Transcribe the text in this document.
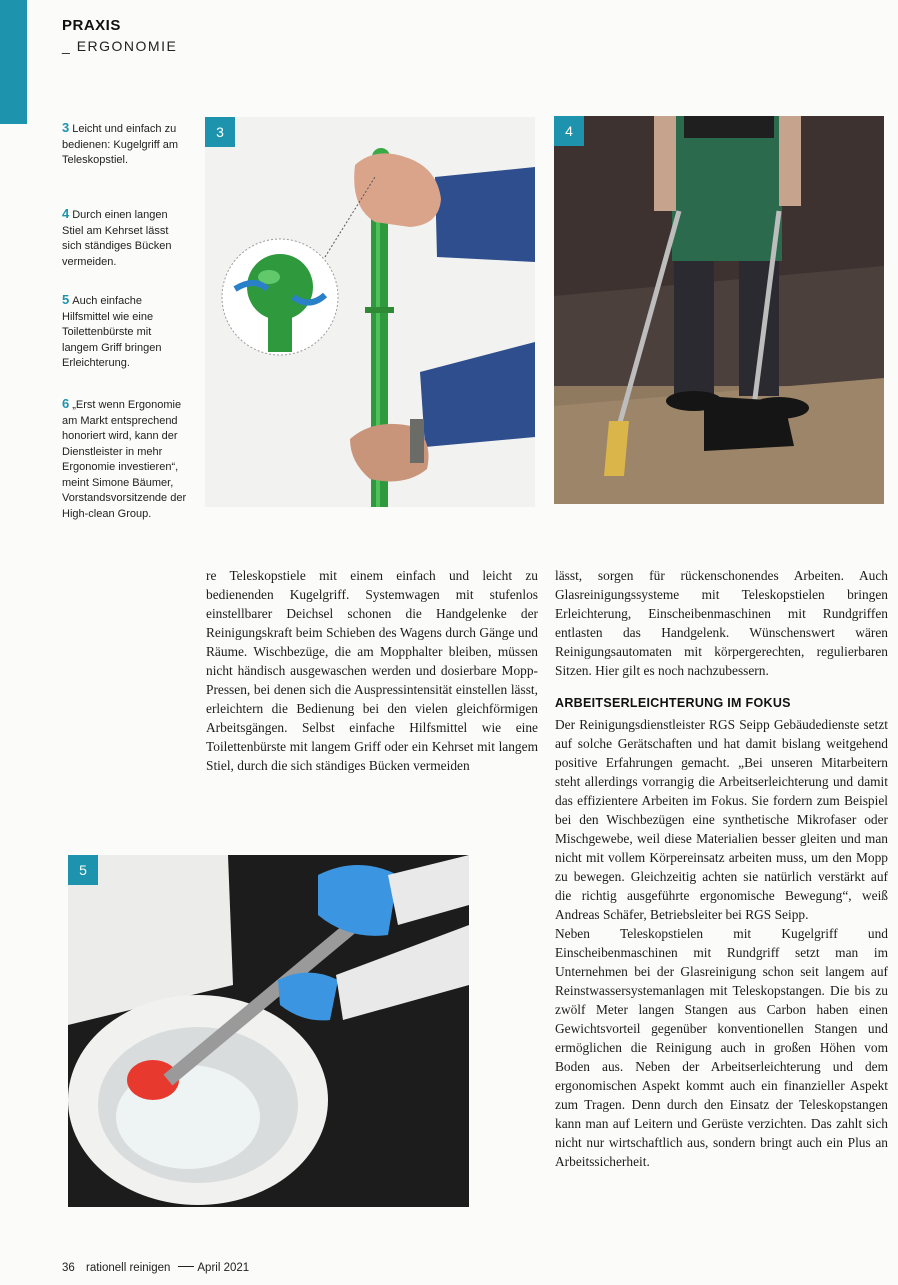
PRAXIS
_ ERGONOMIE
3 Leicht und einfach zu bedienen: Kugelgriff am Teleskopstiel.
4 Durch einen langen Stiel am Kehrset lässt sich ständiges Bücken vermeiden.
5 Auch einfache Hilfsmittel wie eine Toilettenbürste mit langem Griff bringen Erleichterung.
6 „Erst wenn Ergonomie am Markt entsprechend honoriert wird, kann der Dienstleister in mehr Ergonomie investieren“, meint Simone Bäumer, Vorstandsvorsitzende der High-clean Group.
3	4
5

re Teleskopstiele mit einem einfach und leicht zu bedienenden Kugelgriff. Systemwagen mit stufenlos einstellbarer Deichsel schonen die Handgelenke der Reinigungskraft beim Schieben des Wagens durch Gänge und Räume. Wischbezüge, die am Mopphalter bleiben, müssen nicht händisch ausgewaschen werden und dosierbare Mopp-Pressen, bei denen sich die Auspressintensität einstellen lässt, erleichtern die Bedienung bei den vielen gleichförmigen Arbeitsgängen. Selbst einfache Hilfsmittel wie eine Toilettenbürste mit langem Griff oder ein Kehrset mit langem Stiel, durch die sich ständiges Bücken vermeiden

lässt, sorgen für rückenschonendes Arbeiten. Auch Glasreinigungssysteme mit Teleskopstielen bringen Erleichterung, Einscheibenmaschinen mit Rundgriffen entlasten das Handgelenk. Wünschenswert wären Reinigungsautomaten mit körpergerechten, regulierbaren Sitzen. Hier gilt es noch nachzubessern.

ARBEITSERLEICHTERUNG IM FOKUS

Der Reinigungsdienstleister RGS Seipp Gebäudedienste setzt auf solche Gerätschaften und hat damit bislang weitgehend positive Erfahrungen gemacht. „Bei unseren Mitarbeitern steht allerdings vorrangig die Arbeitserleichterung und damit das effizientere Arbeiten im Fokus. Sie fordern zum Beispiel bei den Wischbezügen eine synthetische Mikrofaser oder Mischgewebe, weil diese Materialien besser gleiten und man nicht mit vollem Körpereinsatz arbeiten muss, um den Mopp zu bewegen. Gleichzeitig achten sie natürlich verstärkt auf die richtig ausgeführte ergonomische Bewegung“, weiß Andreas Schäfer, Betriebsleiter bei RGS Seipp.

Neben Teleskopstielen mit Kugelgriff und Einscheibenmaschinen mit Rundgriff setzt man im Unternehmen bei der Glasreinigung schon seit langem auf Reinstwassersystemanlagen mit Teleskopstangen. Die bis zu zwölf Meter langen Stangen aus Carbon haben einen Gewichtsvorteil gegenüber konventionellen Stangen und ermöglichen die Reinigung auch in großen Höhen vom Boden aus. Neben der Arbeitserleichterung und dem ergonomischen Aspekt kommt auch ein finanzieller Aspekt zum Tragen. Denn durch den Einsatz der Teleskopstangen kann man auf Leitern und Gerüste verzichten. Das zahlt sich nicht nur wirtschaftlich aus, sondern bringt auch ein Plus an Arbeitssicherheit.

36 rationell reinigen April 2021
